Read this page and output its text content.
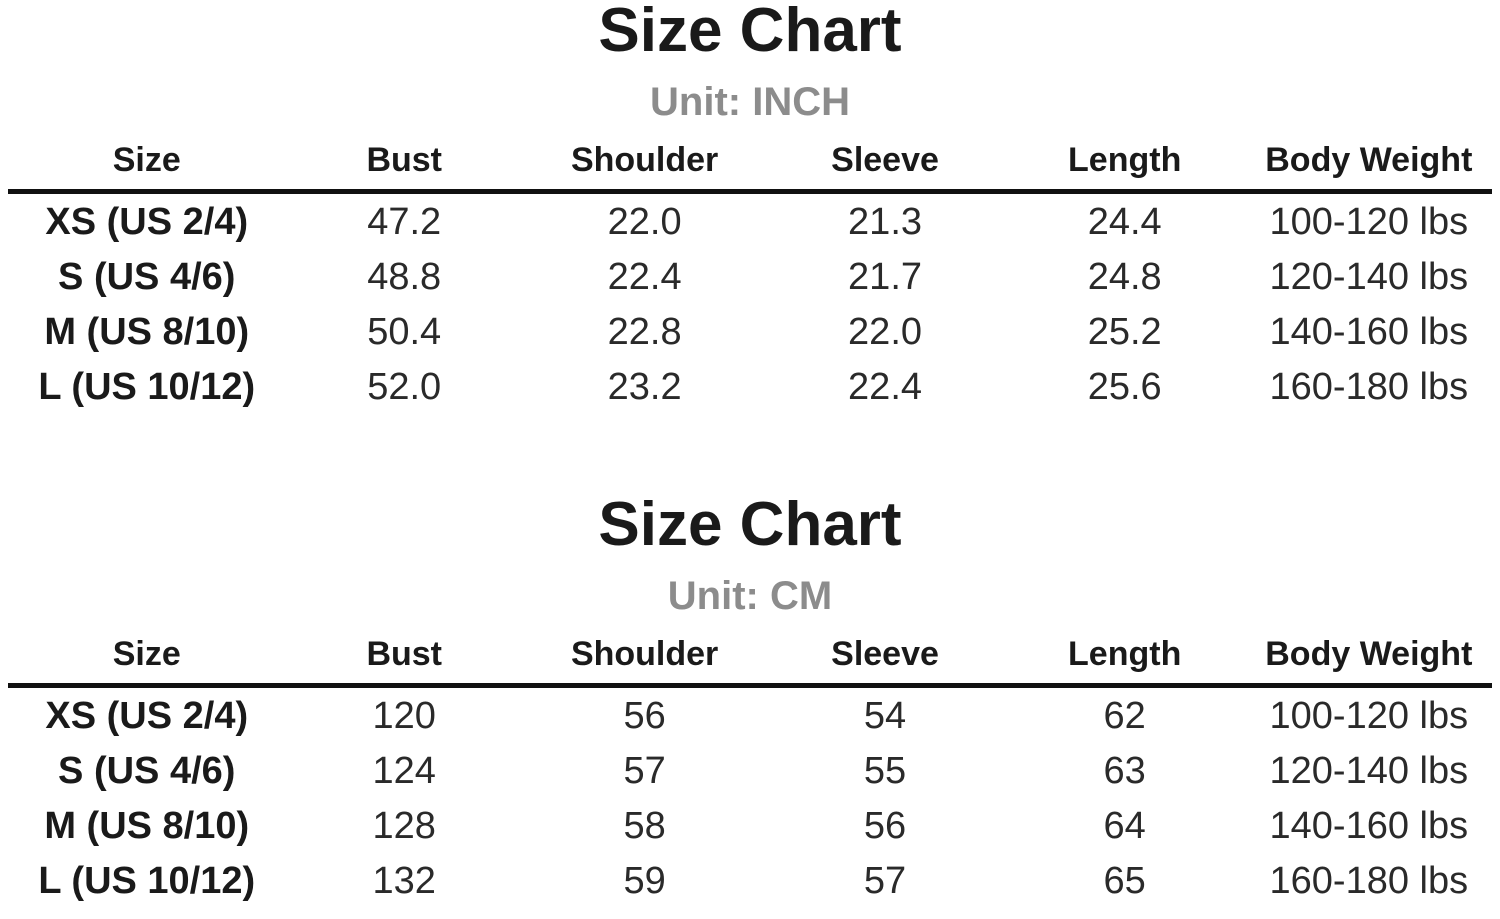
Size Chart
Unit: INCH
Size	Bust	Shoulder	Sleeve	Length	Body Weight
XS (US 2/4)	47.2	22.0	21.3	24.4	100-120 lbs
S (US 4/6)	48.8	22.4	21.7	24.8	120-140 lbs
M (US 8/10)	50.4	22.8	22.0	25.2	140-160 lbs
L (US 10/12)	52.0	23.2	22.4	25.6	160-180 lbs
Size Chart
Unit: CM
Size	Bust	Shoulder	Sleeve	Length	Body Weight
XS (US 2/4)	120	56	54	62	100-120 lbs
S (US 4/6)	124	57	55	63	120-140 lbs
M (US 8/10)	128	58	56	64	140-160 lbs
L (US 10/12)	132	59	57	65	160-180 lbs
